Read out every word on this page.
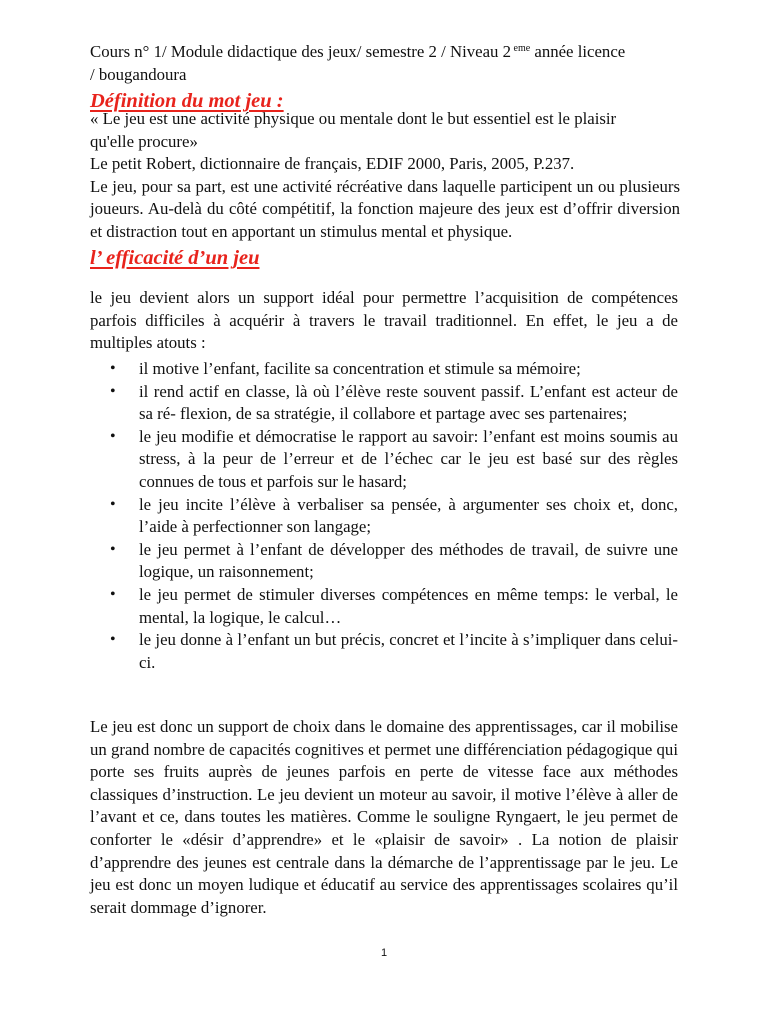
Cours n° 1/ Module didactique des jeux/ semestre 2 / Niveau 2 $^{eme}$ année licence
/ bougandoura
Définition du mot jeu :

« Le jeu est une activité physique ou mentale dont le but essentiel est le plaisir

qu'elle procure»

Le petit Robert, dictionnaire de français, EDIF 2000, Paris, 2005, P.237.

Le jeu, pour sa part, est une activité récréative dans laquelle participent un ou plusieurs joueurs. Au-delà du côté compétitif, la fonction majeure des jeux est d’offrir diversion et distraction tout en apportant un stimulus mental et physique.

l’ efficacité d’un jeu

le jeu devient alors un support idéal pour permettre l’acquisition de compétences parfois difficiles à acquérir à travers le travail traditionnel. En effet, le jeu a de multiples atouts :

• il motive l’enfant, facilite sa concentration et stimule sa mémoire;
• il rend actif en classe, là où l’élève reste souvent passif. L’enfant est acteur de sa ré- flexion, de sa stratégie, il collabore et partage avec ses partenaires;
• le jeu modifie et démocratise le rapport au savoir: l’enfant est moins soumis au stress, à la peur de l’erreur et de l’échec car le jeu est basé sur des règles connues de tous et parfois sur le hasard;
• le jeu incite l’élève à verbaliser sa pensée, à argumenter ses choix et, donc, l’aide à perfectionner son langage;
• le jeu permet à l’enfant de développer des méthodes de travail, de suivre une logique, un raisonnement;
• le jeu permet de stimuler diverses compétences en même temps: le verbal, le mental, la logique, le calcul…
• le jeu donne à l’enfant un but précis, concret et l’incite à s’impliquer dans celui-ci.

Le jeu est donc un support de choix dans le domaine des apprentissages, car il mobilise un grand nombre de capacités cognitives et permet une différenciation pédagogique qui porte ses fruits auprès de jeunes parfois en perte de vitesse face aux méthodes classiques d’instruction. Le jeu devient un moteur au savoir, il motive l’élève à aller de l’avant et ce, dans toutes les matières. Comme le souligne Ryngaert, le jeu permet de conforter le «désir d’apprendre» et le «plaisir de savoir» . La notion de plaisir d’apprendre des jeunes est centrale dans la démarche de l’apprentissage par le jeu. Le jeu est donc un moyen ludique et éducatif au service des apprentissages scolaires qu’il serait dommage d’ignorer.

1
